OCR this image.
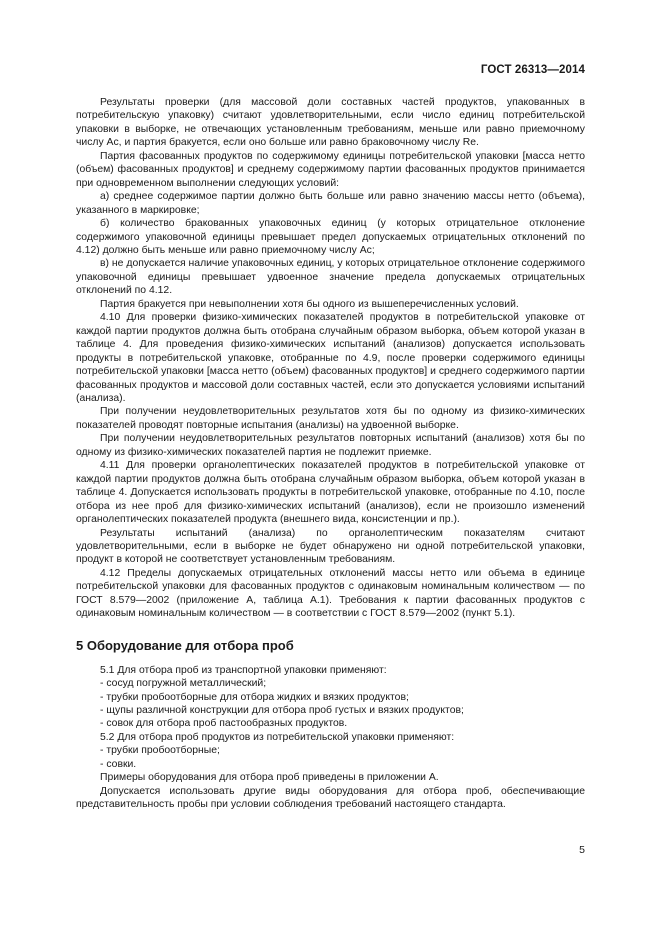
ГОСТ 26313—2014

Результаты проверки (для массовой доли составных частей продуктов, упакованных в потребительскую упаковку) считают удовлетворительными, если число единиц потребительской упаковки в выборке, не отвечающих установленным требованиям, меньше или равно приемочному числу Ac, и партия бракуется, если оно больше или равно браковочному числу Re.

Партия фасованных продуктов по содержимому единицы потребительской упаковки [масса нетто (объем) фасованных продуктов] и среднему содержимому партии фасованных продуктов принимается при одновременном выполнении следующих условий:

а) среднее содержимое партии должно быть больше или равно значению массы нетто (объема), указанного в маркировке;

б) количество бракованных упаковочных единиц (у которых отрицательное отклонение содержимого упаковочной единицы превышает предел допускаемых отрицательных отклонений по 4.12) должно быть меньше или равно приемочному числу Ac;

в) не допускается наличие упаковочных единиц, у которых отрицательное отклонение содержимого упаковочной единицы превышает удвоенное значение предела допускаемых отрицательных отклонений по 4.12.

Партия бракуется при невыполнении хотя бы одного из вышеперечисленных условий.

4.10 Для проверки физико-химических показателей продуктов в потребительской упаковке от каждой партии продуктов должна быть отобрана случайным образом выборка, объем которой указан в таблице 4. Для проведения физико-химических испытаний (анализов) допускается использовать продукты в потребительской упаковке, отобранные по 4.9, после проверки содержимого единицы потребительской упаковки [масса нетто (объем) фасованных продуктов] и среднего содержимого партии фасованных продуктов и массовой доли составных частей, если это допускается условиями испытаний (анализа).

При получении неудовлетворительных результатов хотя бы по одному из физико-химических показателей проводят повторные испытания (анализы) на удвоенной выборке.

При получении неудовлетворительных результатов повторных испытаний (анализов) хотя бы по одному из физико-химических показателей партия не подлежит приемке.

4.11 Для проверки органолептических показателей продуктов в потребительской упаковке от каждой партии продуктов должна быть отобрана случайным образом выборка, объем которой указан в таблице 4. Допускается использовать продукты в потребительской упаковке, отобранные по 4.10, после отбора из нее проб для физико-химических испытаний (анализов), если не произошло изменений органолептических показателей продукта (внешнего вида, консистенции и пр.).

Результаты испытаний (анализа) по органолептическим показателям считают удовлетворительными, если в выборке не будет обнаружено ни одной потребительской упаковки, продукт в которой не соответствует установленным требованиям.

4.12 Пределы допускаемых отрицательных отклонений массы нетто или объема в единице потребительской упаковки для фасованных продуктов с одинаковым номинальным количеством — по ГОСТ 8.579—2002 (приложение А, таблица А.1). Требования к партии фасованных продуктов с одинаковым номинальным количеством — в соответствии с ГОСТ 8.579—2002 (пункт 5.1).

5 Оборудование для отбора проб

5.1 Для отбора проб из транспортной упаковки применяют:

- сосуд погружной металлический;

- трубки пробоотборные для отбора жидких и вязких продуктов;

- щупы различной конструкции для отбора проб густых и вязких продуктов;

- совок для отбора проб пастообразных продуктов.

5.2 Для отбора проб продуктов из потребительской упаковки применяют:

- трубки пробоотборные;

- совки.

Примеры оборудования для отбора проб приведены в приложении А.

Допускается использовать другие виды оборудования для отбора проб, обеспечивающие представительность пробы при условии соблюдения требований настоящего стандарта.

5
